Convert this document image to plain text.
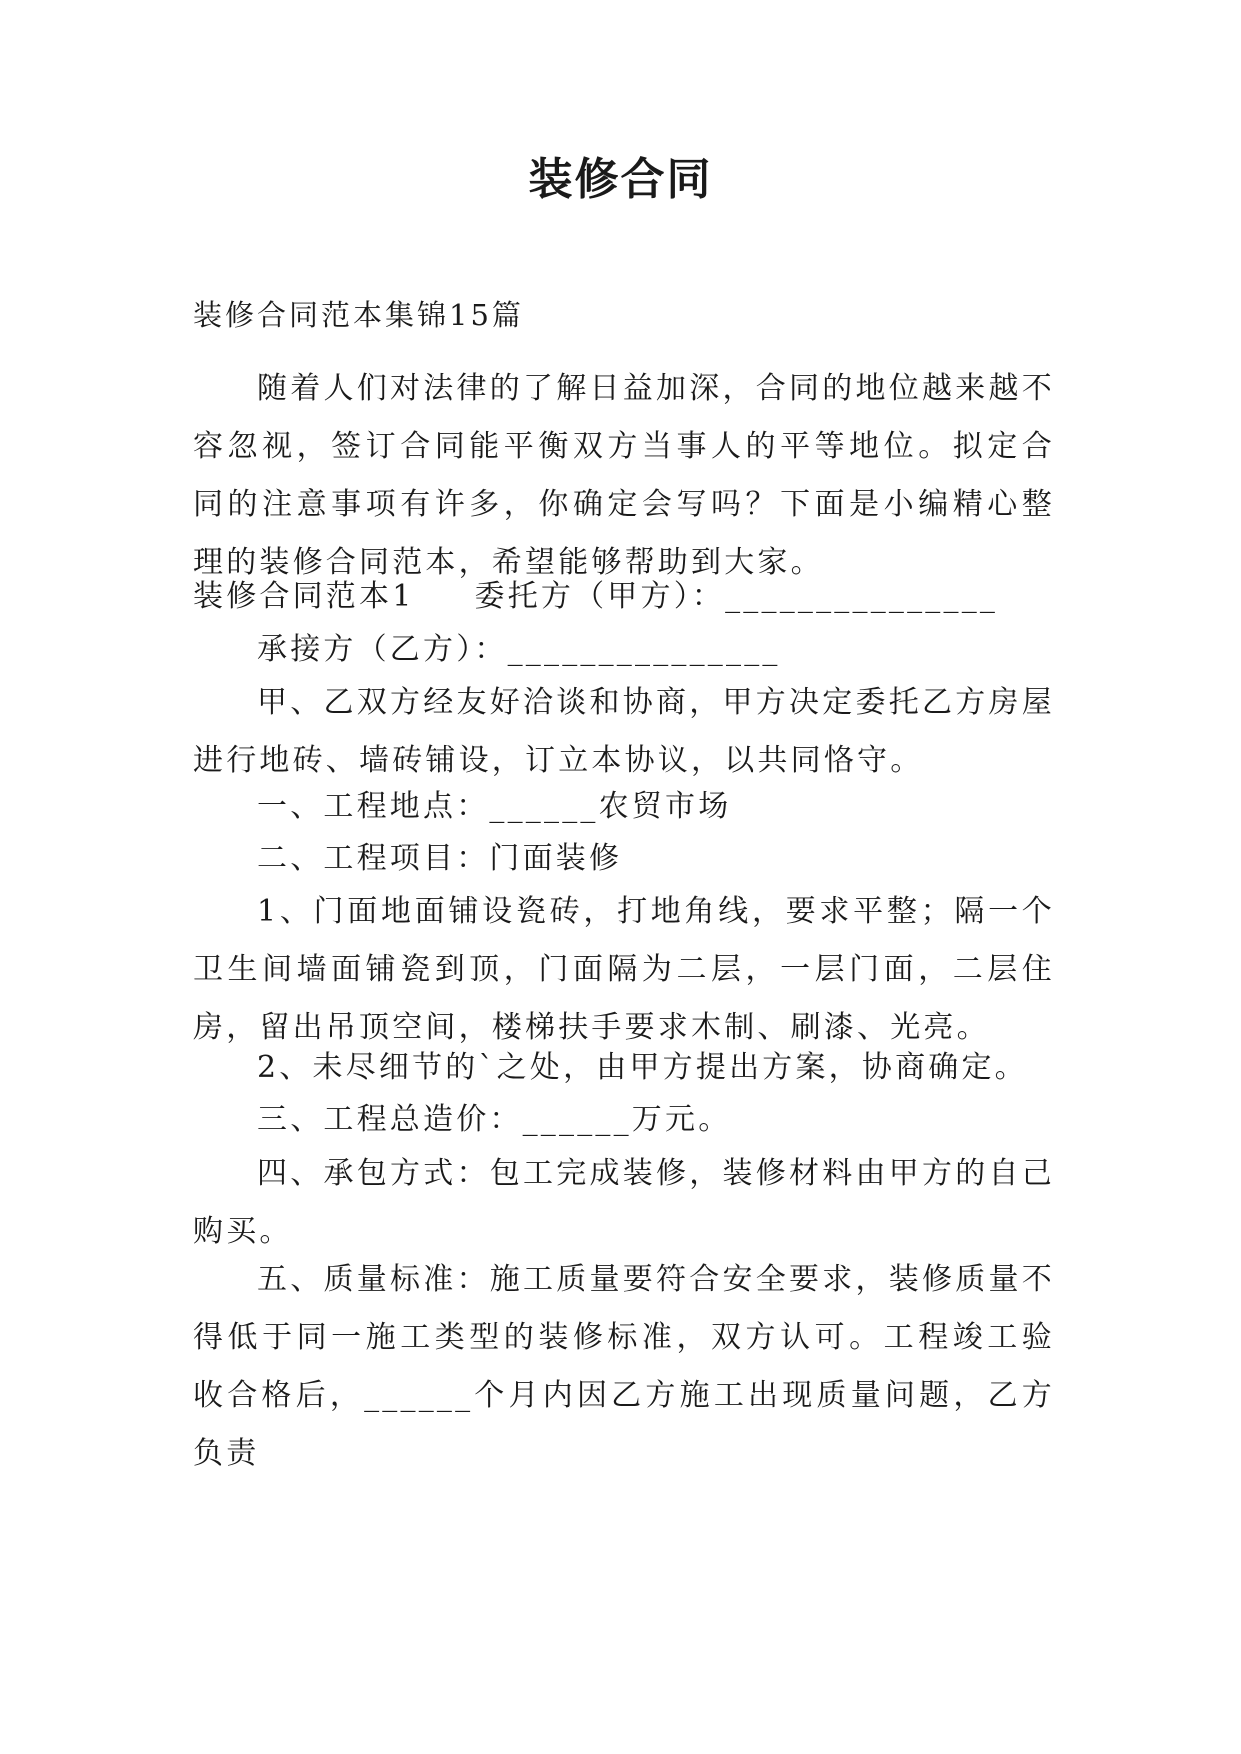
装修合同
装修合同范本集锦15篇
随着人们对法律的了解日益加深，合同的地位越来越不容忽视，签订合同能平衡双方当事人的平等地位。拟定合同的注意事项有许多，你确定会写吗？下面是小编精心整理的装修合同范本，希望能够帮助到大家。
装修合同范本1 委托方（甲方）：_______________
承接方（乙方）：_______________
甲、乙双方经友好洽谈和协商，甲方决定委托乙方房屋进行地砖、墙砖铺设，订立本协议，以共同恪守。
一、工程地点：______农贸市场
二、工程项目：门面装修
1、门面地面铺设瓷砖，打地角线，要求平整；隔一个卫生间墙面铺瓷到顶，门面隔为二层，一层门面，二层住房，留出吊顶空间，楼梯扶手要求木制、刷漆、光亮。
2、未尽细节的`之处，由甲方提出方案，协商确定。
三、工程总造价：______万元。
四、承包方式：包工完成装修，装修材料由甲方的自己购买。
五、质量标准：施工质量要符合安全要求，装修质量不得低于同一施工类型的装修标准，双方认可。工程竣工验收合格后，______个月内因乙方施工出现质量问题，乙方负责
